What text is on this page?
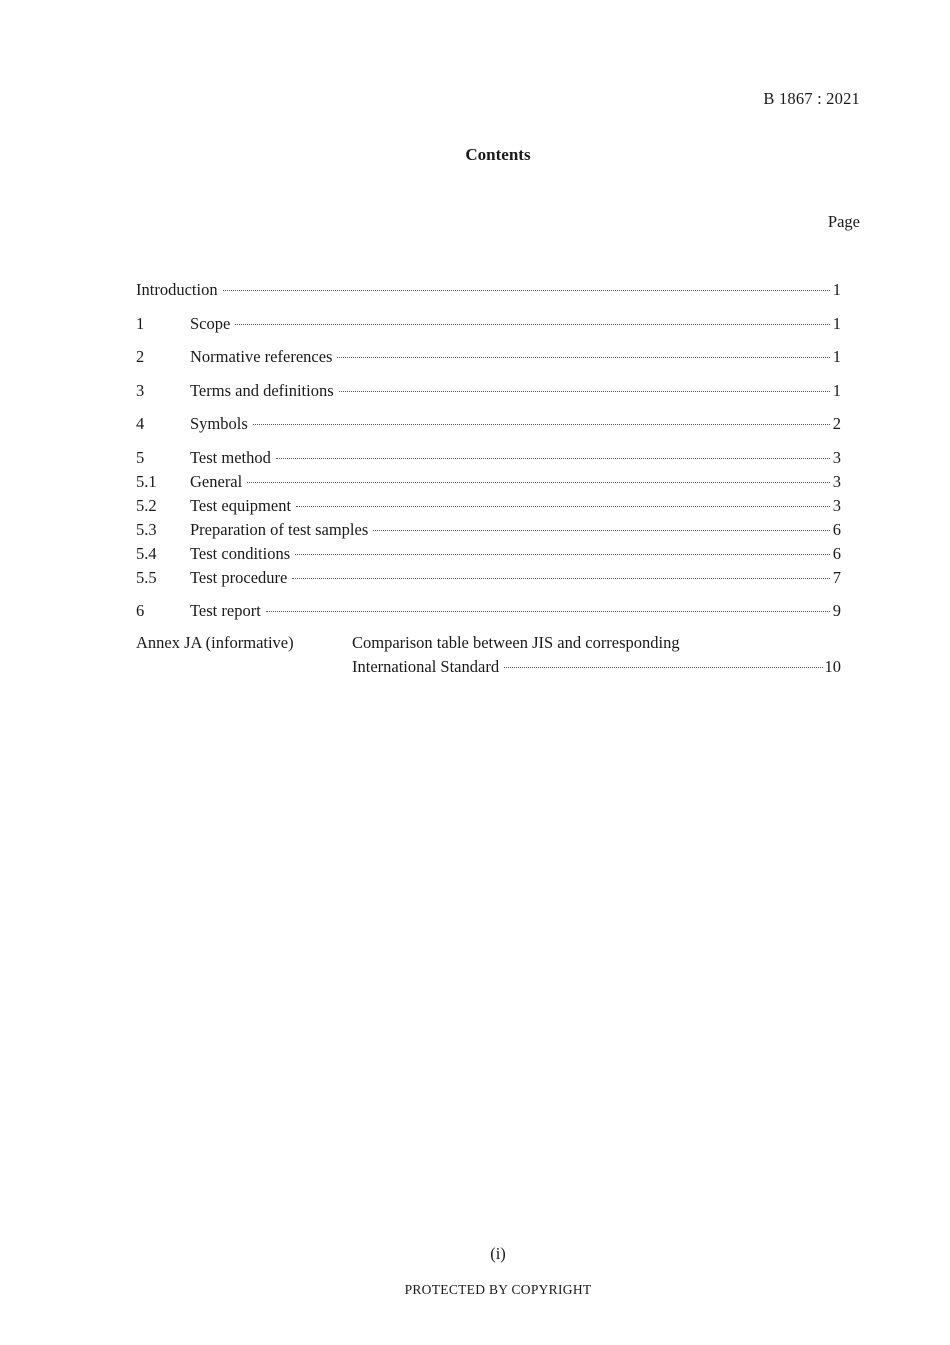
B 1867 : 2021
Contents
Page
Introduction	1
1	Scope	1
2	Normative references	1
3	Terms and definitions	1
4	Symbols	2
5	Test method	3
5.1	General	3
5.2	Test equipment	3
5.3	Preparation of test samples	6
5.4	Test conditions	6
5.5	Test procedure	7
6	Test report	9
Annex JA (informative)	Comparison table between JIS and corresponding
International Standard	10
(i)
PROTECTED BY COPYRIGHT
